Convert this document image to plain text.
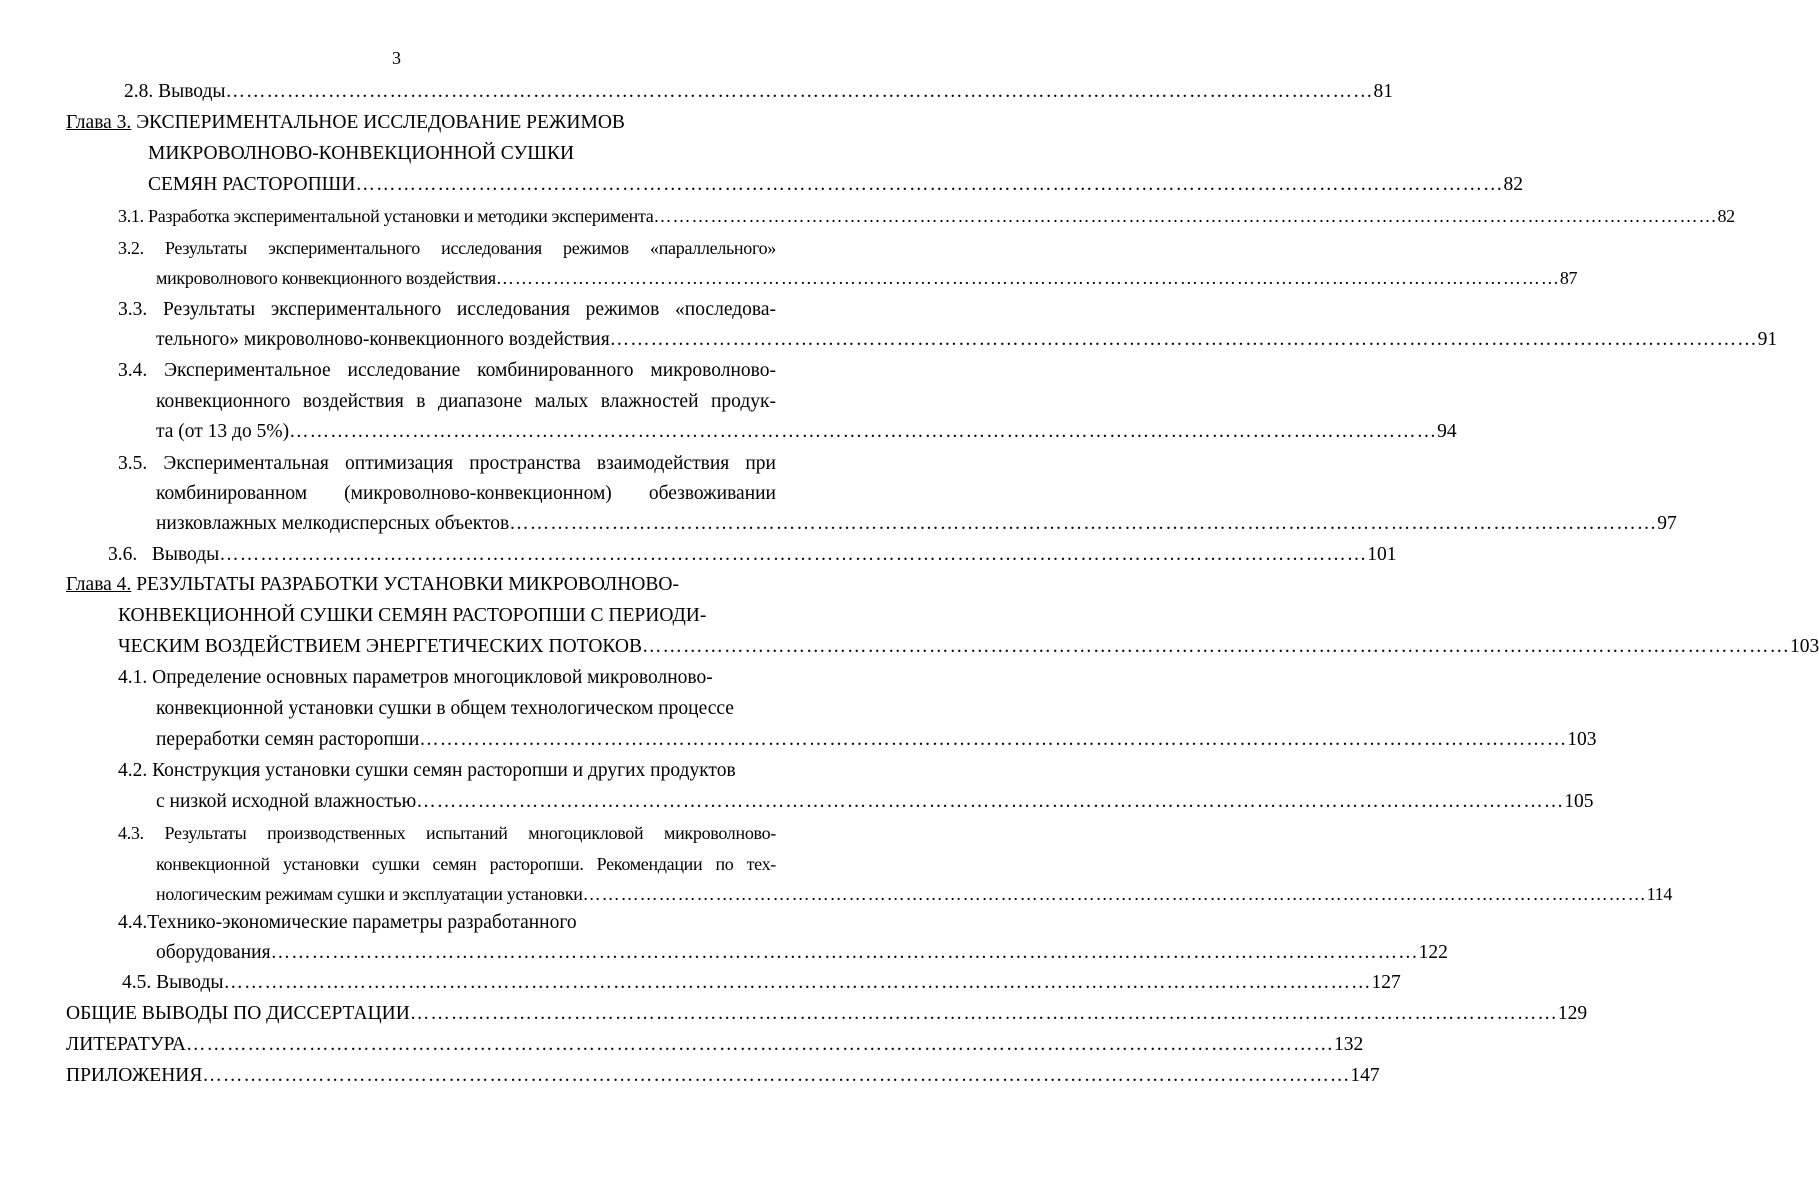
3
2.8. Выводы …………………………………………………………………………………………………………………………………………………… 81
Глава 3. ЭКСПЕРИМЕНТАЛЬНОЕ ИССЛЕДОВАНИЕ РЕЖИМОВ
МИКРОВОЛНОВО-КОНВЕКЦИОННОЙ СУШКИ
СЕМЯН РАСТОРОПШИ …………………………………………………………………………………………………………………………………………………… 82
3.1. Разработка экспериментальной установки и методики эксперимента …………………………………………………………………………………………………………………………………………………… 82
3.2. Результаты экспериментального исследования режимов «параллельного»
микроволнового конвекционного воздействия …………………………………………………………………………………………………………………………………………………… 87
3.3. Результаты экспериментального исследования режимов «последова-
тельного» микроволново-конвекционного воздействия …………………………………………………………………………………………………………………………………………………… 91
3.4. Экспериментальное исследование комбинированного микроволново-
конвекционного воздействия в диапазоне малых влажностей продук-
та (от 13 до 5%) …………………………………………………………………………………………………………………………………………………… 94
3.5. Экспериментальная оптимизация пространства взаимодействия при
комбинированном (микроволново-конвекционном) обезвоживании
низковлажных мелкодисперсных объектов …………………………………………………………………………………………………………………………………………………… 97
3.6.   Выводы …………………………………………………………………………………………………………………………………………………… 101
Глава 4. РЕЗУЛЬТАТЫ РАЗРАБОТКИ УСТАНОВКИ МИКРОВОЛНОВО-
КОНВЕКЦИОННОЙ СУШКИ СЕМЯН РАСТОРОПШИ С ПЕРИОДИ-
ЧЕСКИМ ВОЗДЕЙСТВИЕМ ЭНЕРГЕТИЧЕСКИХ ПОТОКОВ …………………………………………………………………………………………………………………………………………………… 103
4.1. Определение основных параметров многоцикловой микроволново-
конвекционной установки сушки в общем технологическом процессе
переработки семян расторопши …………………………………………………………………………………………………………………………………………………… 103
4.2. Конструкция установки сушки семян расторопши и других продуктов
с низкой исходной влажностью …………………………………………………………………………………………………………………………………………………… 105
4.3. Результаты производственных испытаний многоцикловой микроволново-
конвекционной установки сушки семян расторопши. Рекомендации по тех-
нологическим режимам сушки и эксплуатации установки …………………………………………………………………………………………………………………………………………………… 114
4.4.Технико-экономические параметры разработанного
оборудования …………………………………………………………………………………………………………………………………………………… 122
4.5. Выводы …………………………………………………………………………………………………………………………………………………… 127
ОБЩИЕ ВЫВОДЫ ПО ДИССЕРТАЦИИ …………………………………………………………………………………………………………………………………………………… 129
ЛИТЕРАТУРА …………………………………………………………………………………………………………………………………………………… 132
ПРИЛОЖЕНИЯ …………………………………………………………………………………………………………………………………………………… 147
